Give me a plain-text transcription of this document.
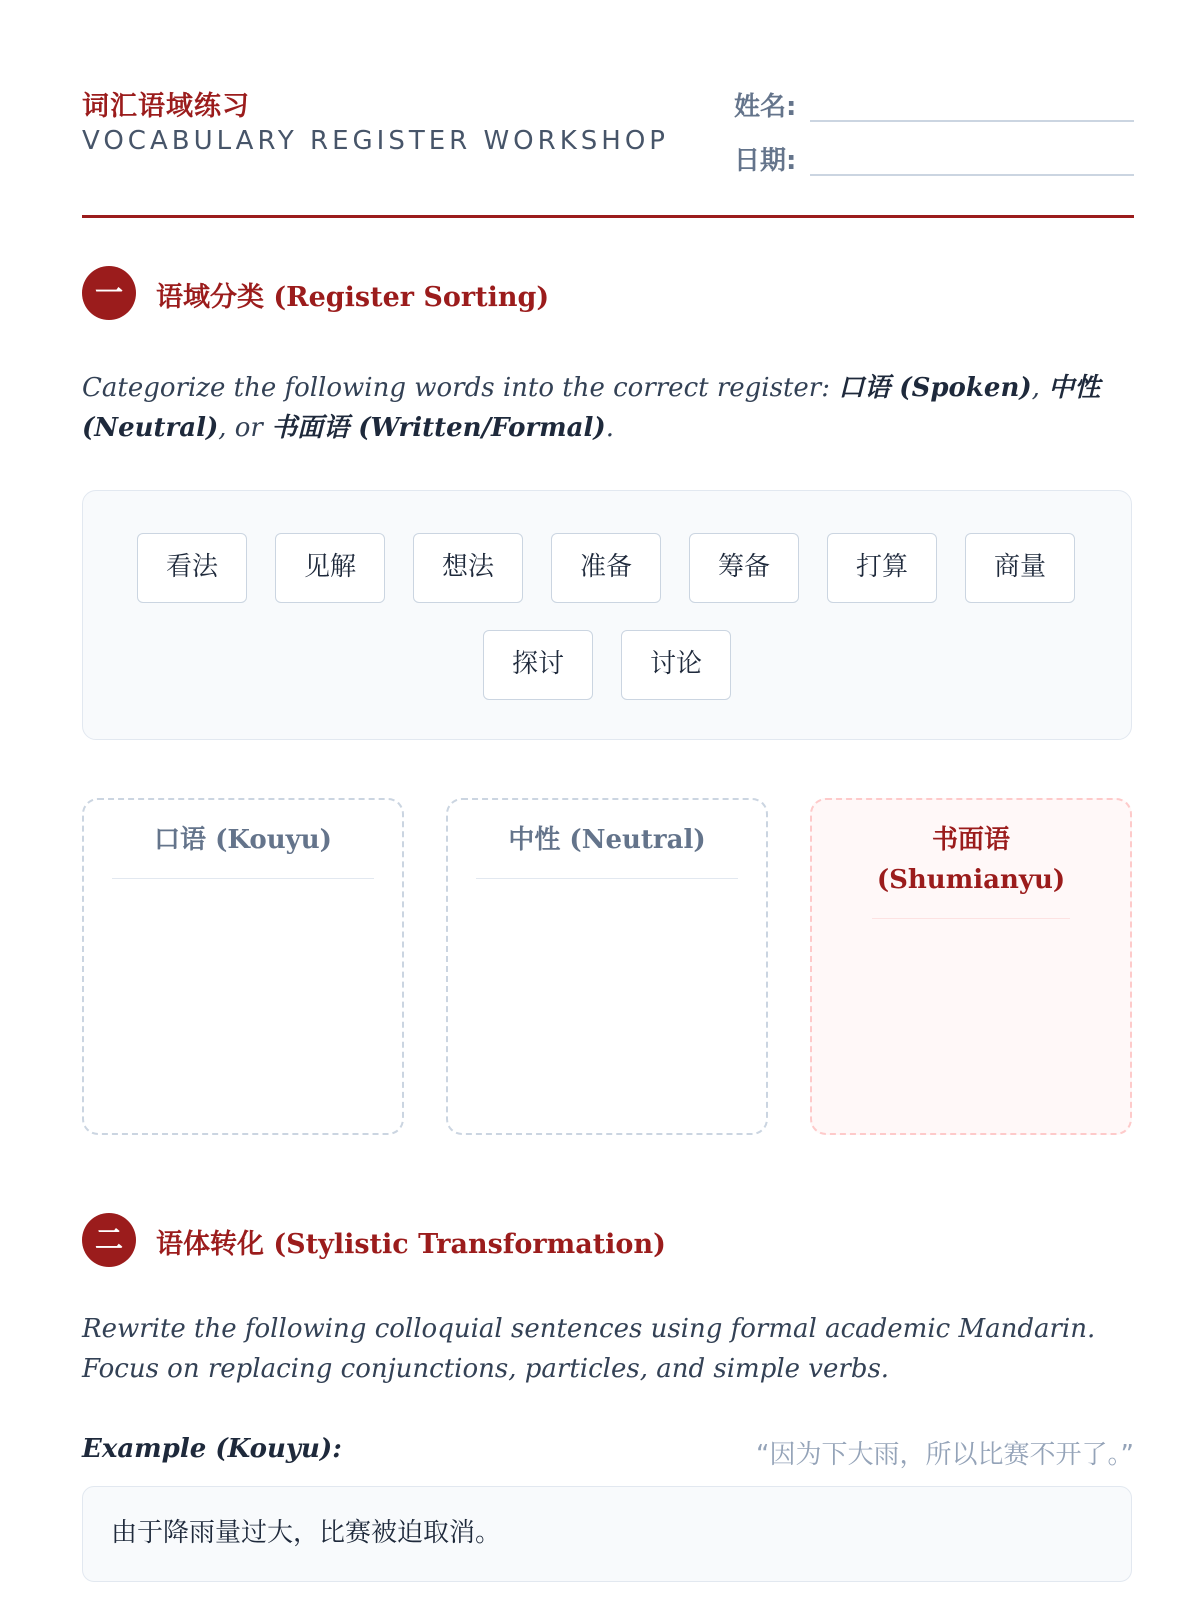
词汇语域练习
VOCABULARY REGISTER WORKSHOP
姓名:
日期:
一	语域分类 (Register Sorting)
Categorize the following words into the correct register: 口语 (Spoken), 中性 (Neutral), or 书面语 (Written/Formal).
看法	见解	想法	准备	筹备	打算	商量
探讨	讨论
口语 (Kouyu)	中性 (Neutral)	书面语 (Shumianyu)
二	语体转化 (Stylistic Transformation)
Rewrite the following colloquial sentences using formal academic Mandarin. Focus on replacing conjunctions, particles, and simple verbs.
Example (Kouyu):	“因为下大雨，所以比赛不开了。”
由于降雨量过大，比赛被迫取消。
